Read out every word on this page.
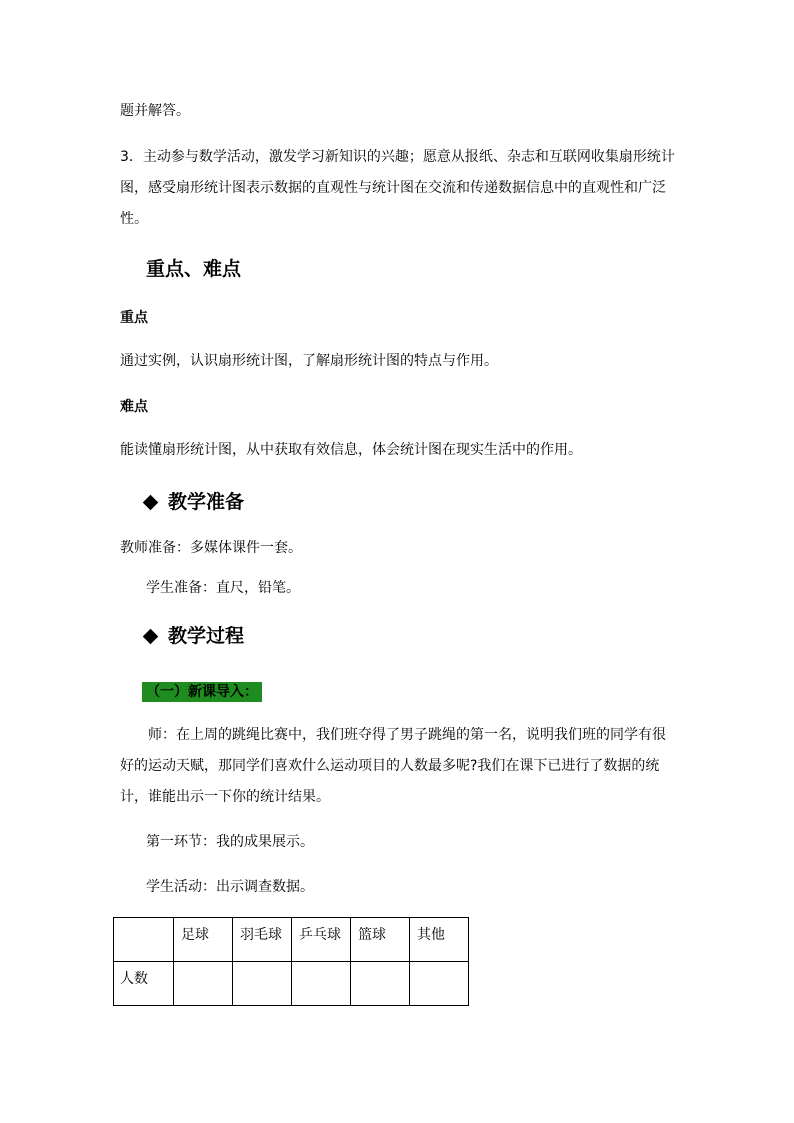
题并解答。

3．主动参与数学活动，激发学习新知识的兴趣；愿意从报纸、杂志和互联网收集扇形统计图，感受扇形统计图表示数据的直观性与统计图在交流和传递数据信息中的直观性和广泛性。

重点、难点
重点

通过实例，认识扇形统计图，了解扇形统计图的特点与作用。

难点

能读懂扇形统计图，从中获取有效信息，体会统计图在现实生活中的作用。

教学准备

教师准备：多媒体课件一套。

学生准备：直尺，铅笔。

教学过程
（一）新课导入：

师：在上周的跳绳比赛中，我们班夺得了男子跳绳的第一名，说明我们班的同学有很好的运动天赋，那同学们喜欢什么运动项目的人数最多呢?我们在课下已进行了数据的统计，谁能出示一下你的统计结果。

第一环节：我的成果展示。

学生活动：出示调查数据。

	足球	羽毛球	乒乓球	篮球	其他
人数					
